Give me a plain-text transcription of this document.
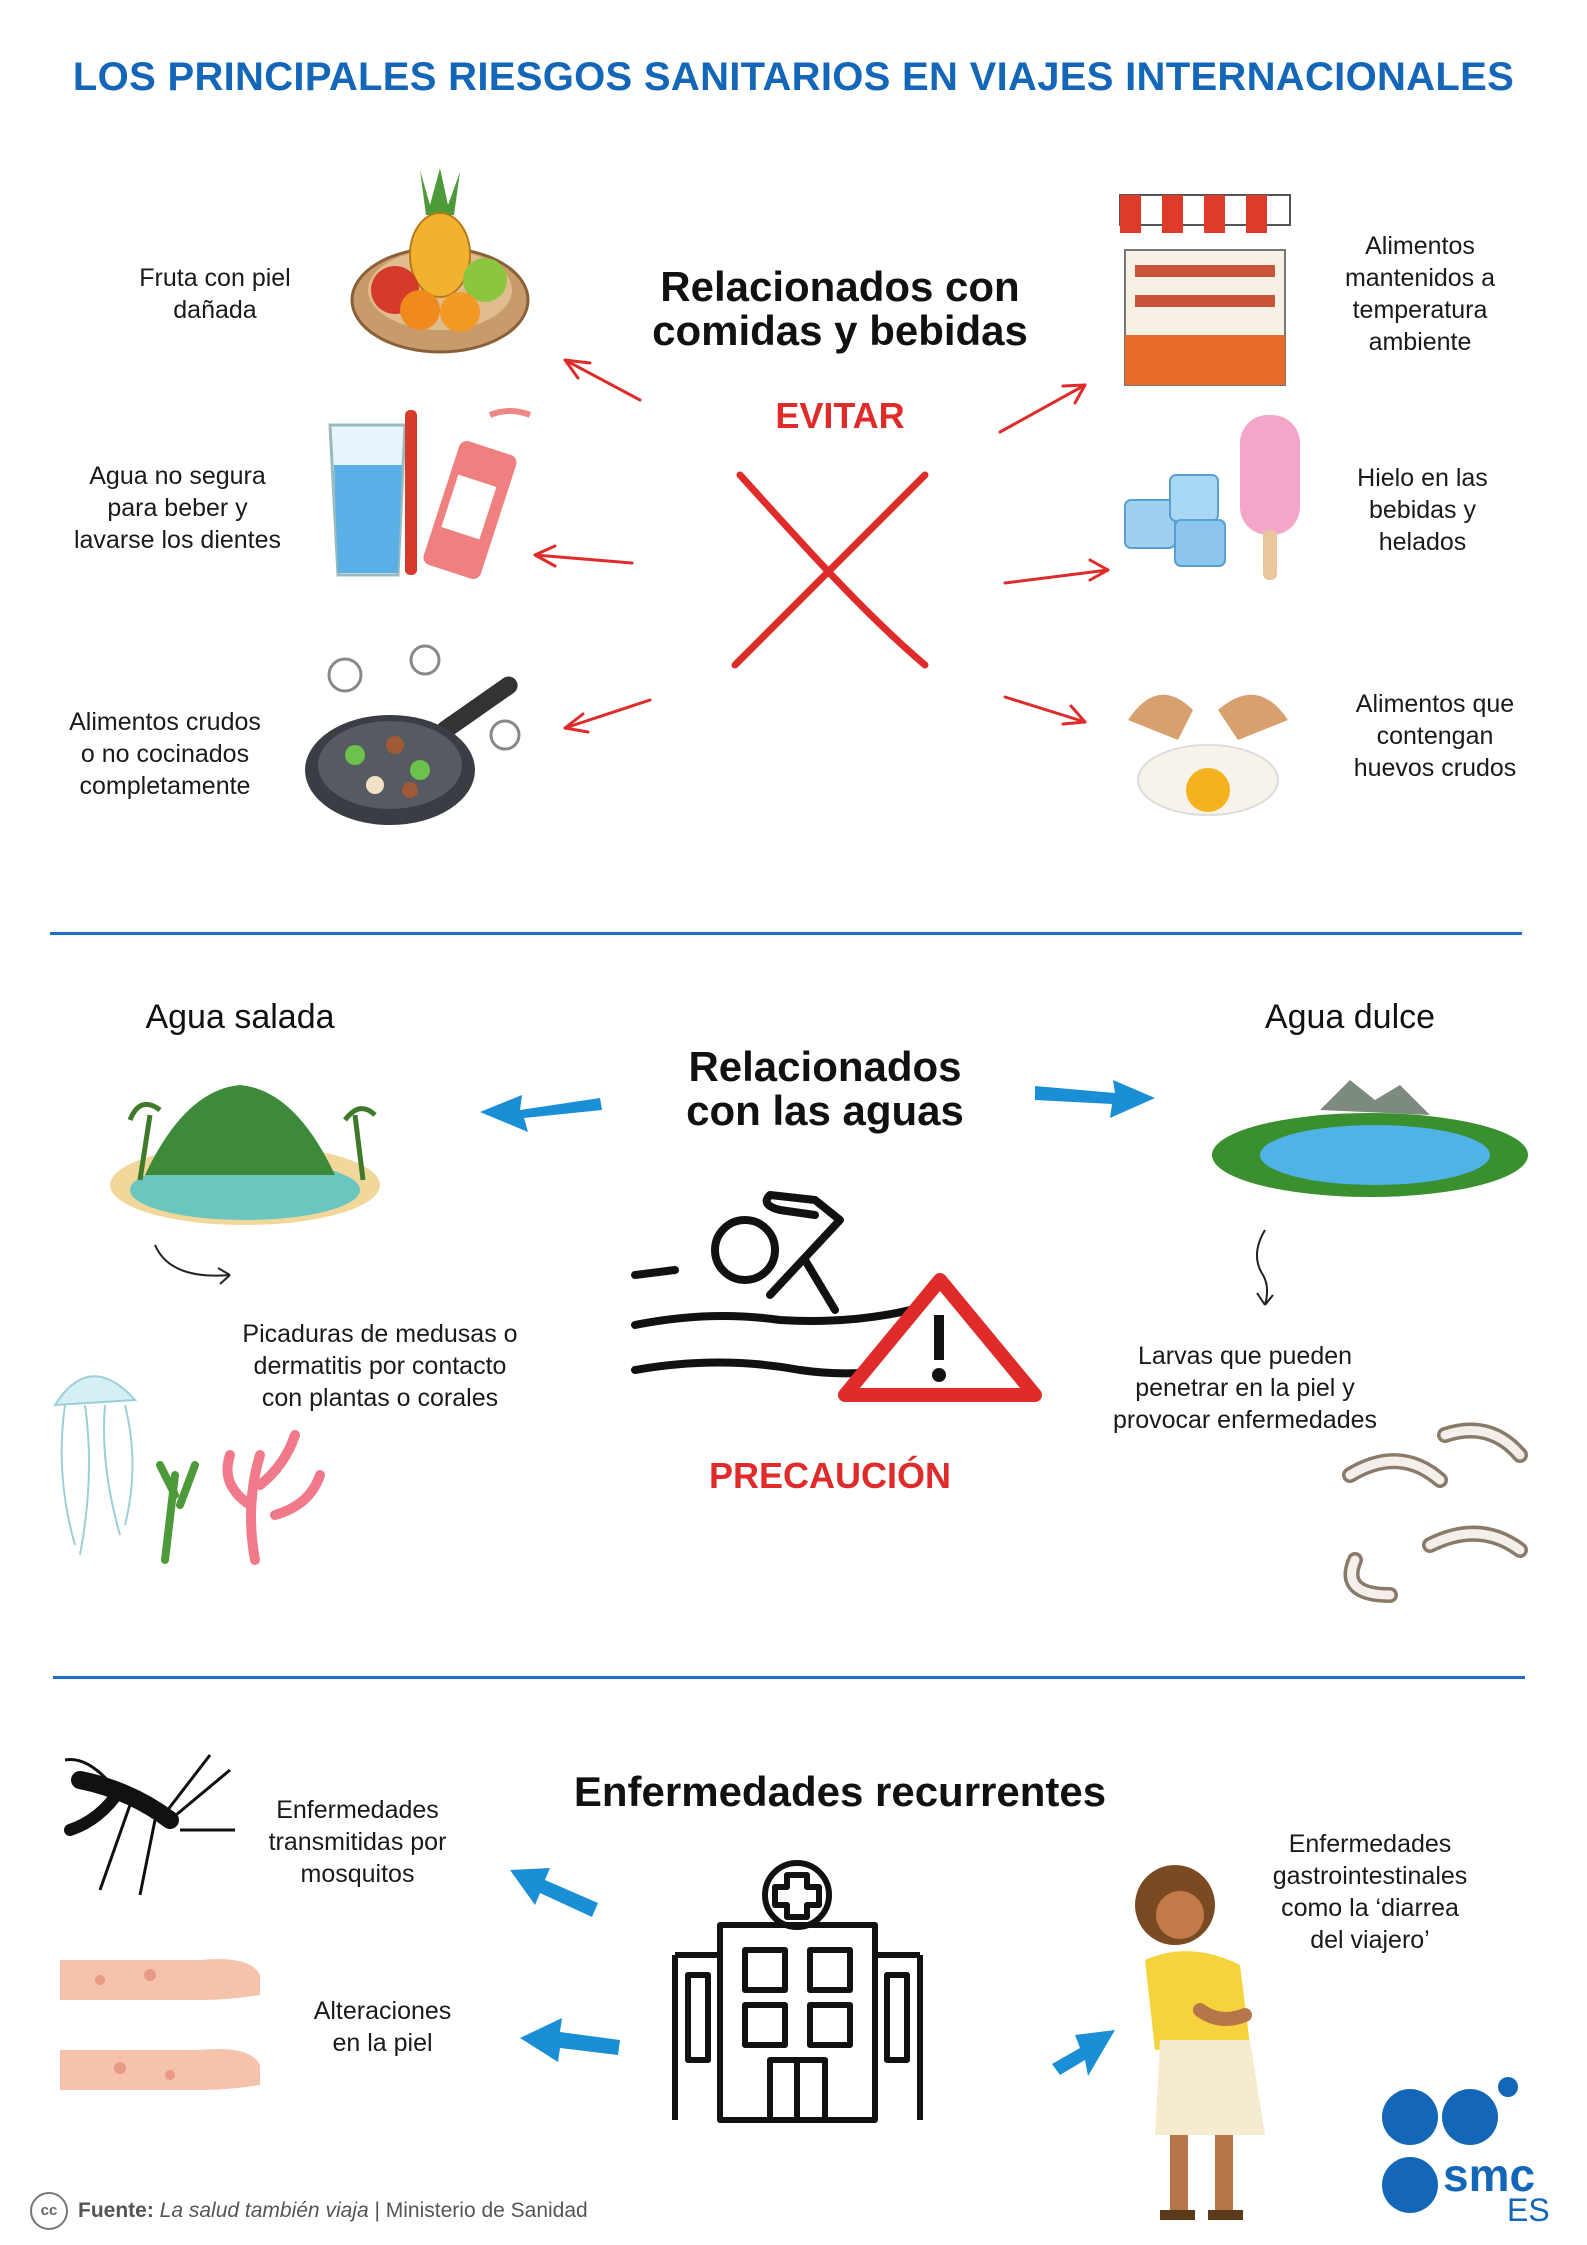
LOS PRINCIPALES RIESGOS SANITARIOS EN VIAJES INTERNACIONALES
Relacionados con
comidas y bebidas
EVITAR
Fruta con piel
dañada
Agua no segura
para beber y
lavarse los dientes
Alimentos crudos
o no cocinados
completamente
Alimentos
mantenidos a
temperatura
ambiente
Hielo en las
bebidas y
helados
Alimentos que
contengan
huevos crudos
Agua salada	Agua dulce
Relacionados
con las aguas
Picaduras de medusas o
dermatitis por contacto
con plantas o corales
Larvas que pueden
penetrar en la piel y
provocar enfermedades
PRECAUCIÓN
Enfermedades recurrentes
Enfermedades
transmitidas por
mosquitos
Alteraciones
en la piel
Enfermedades
gastrointestinales
como la ‘diarrea
del viajero’
smc
ES
cc Fuente: La salud también viaja | Ministerio de Sanidad
